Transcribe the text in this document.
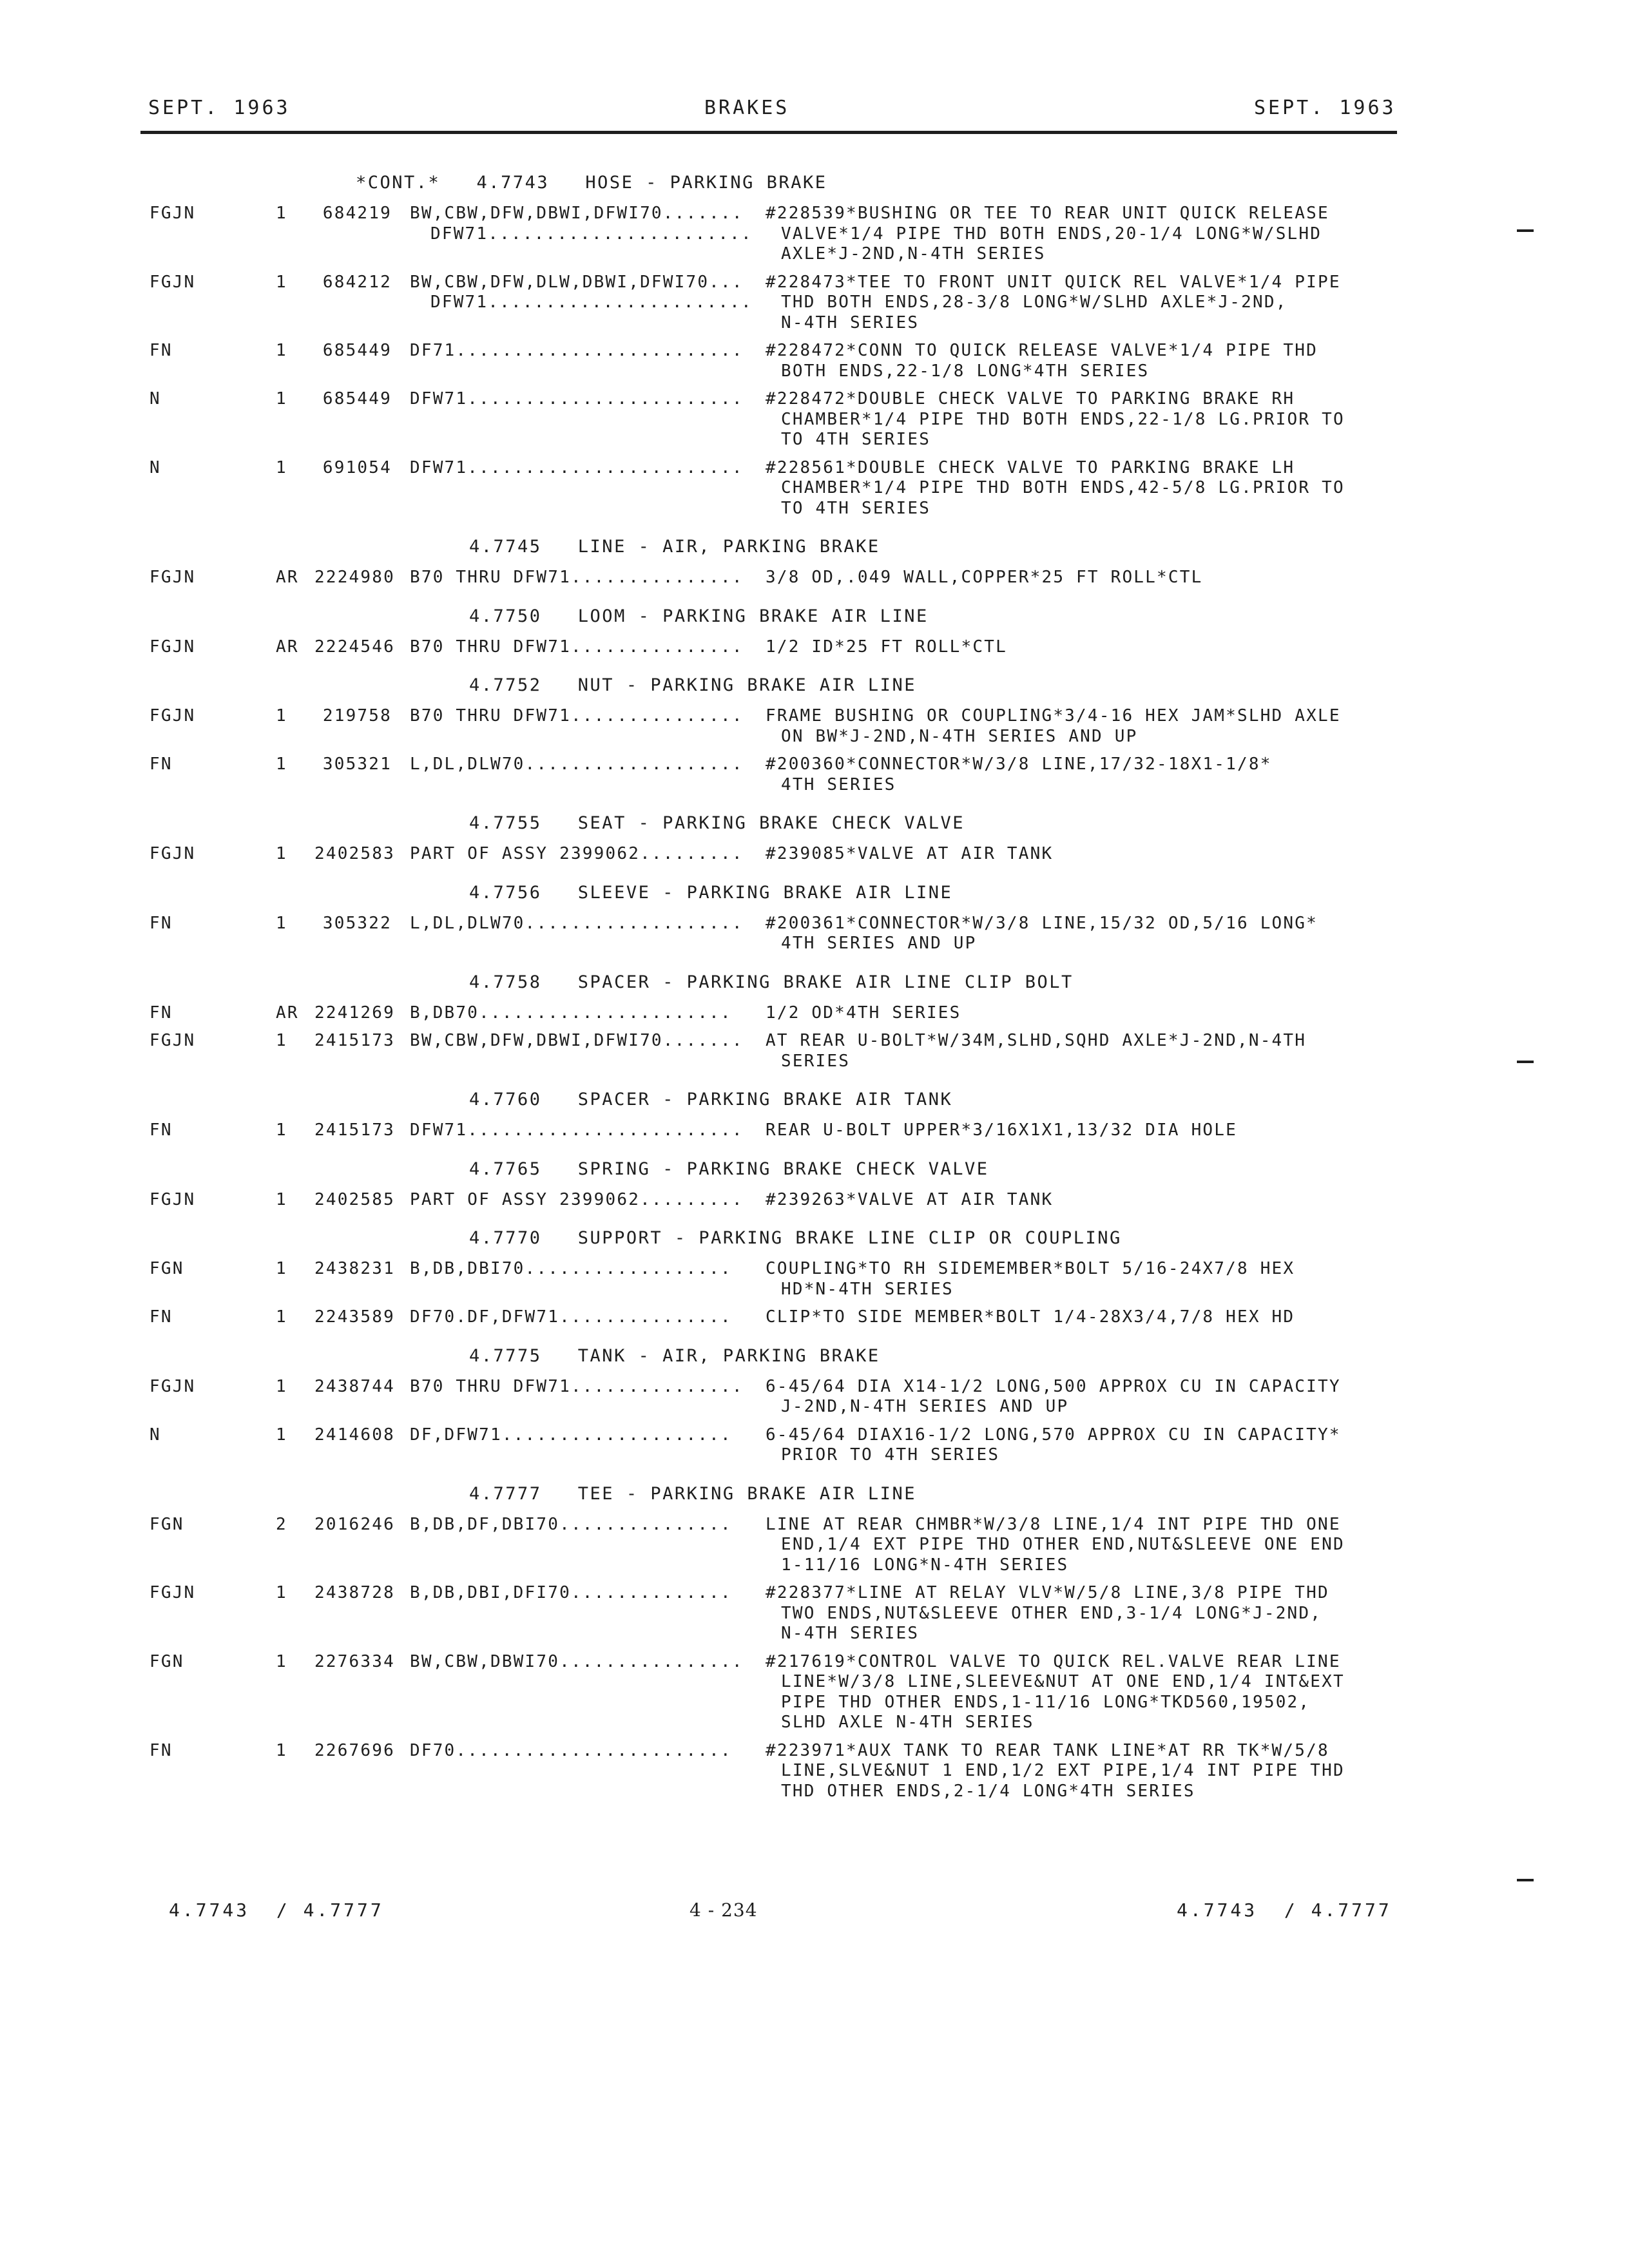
SEPT. 1963	BRAKES	SEPT. 1963
*CONT.*   4.7743   HOSE - PARKING BRAKE
FGJN	1	684219 BW,CBW,DFW,DBWI,DFWI70....... #228539*BUSHING OR TEE TO REAR UNIT QUICK RELEASE
DFW71....................... VALVE*1/4 PIPE THD BOTH ENDS,20-1/4 LONG*W/SLHD
AXLE*J-2ND,N-4TH SERIES
FGJN	1	684212 BW,CBW,DFW,DLW,DBWI,DFWI70... #228473*TEE TO FRONT UNIT QUICK REL VALVE*1/4 PIPE
DFW71....................... THD BOTH ENDS,28-3/8 LONG*W/SLHD AXLE*J-2ND,
N-4TH SERIES
FN	1	685449 DF71......................... #228472*CONN TO QUICK RELEASE VALVE*1/4 PIPE THD
BOTH ENDS,22-1/8 LONG*4TH SERIES
N	1	685449 DFW71........................ #228472*DOUBLE CHECK VALVE TO PARKING BRAKE RH
CHAMBER*1/4 PIPE THD BOTH ENDS,22-1/8 LG.PRIOR TO
TO 4TH SERIES
N	1	691054 DFW71........................ #228561*DOUBLE CHECK VALVE TO PARKING BRAKE LH
CHAMBER*1/4 PIPE THD BOTH ENDS,42-5/8 LG.PRIOR TO
TO 4TH SERIES
4.7745   LINE - AIR, PARKING BRAKE
FGJN	AR 2224980 B70 THRU DFW71............... 3/8 OD,.049 WALL,COPPER*25 FT ROLL*CTL
4.7750   LOOM - PARKING BRAKE AIR LINE
FGJN	AR 2224546 B70 THRU DFW71............... 1/2 ID*25 FT ROLL*CTL
4.7752   NUT - PARKING BRAKE AIR LINE
FGJN	1	219758 B70 THRU DFW71............... FRAME BUSHING OR COUPLING*3/4-16 HEX JAM*SLHD AXLE
ON BW*J-2ND,N-4TH SERIES AND UP
FN	1	305321 L,DL,DLW70................... #200360*CONNECTOR*W/3/8 LINE,17/32-18X1-1/8*
4TH SERIES
4.7755   SEAT - PARKING BRAKE CHECK VALVE
FGJN	1 2402583 PART OF ASSY 2399062......... #239085*VALVE AT AIR TANK
4.7756   SLEEVE - PARKING BRAKE AIR LINE
FN	1	305322 L,DL,DLW70................... #200361*CONNECTOR*W/3/8 LINE,15/32 OD,5/16 LONG*
4TH SERIES AND UP
4.7758   SPACER - PARKING BRAKE AIR LINE CLIP BOLT
FN	AR 2241269 B,DB70...................... 1/2 OD*4TH SERIES
FGJN	1 2415173 BW,CBW,DFW,DBWI,DFWI70....... AT REAR U-BOLT*W/34M,SLHD,SQHD AXLE*J-2ND,N-4TH
SERIES
4.7760   SPACER - PARKING BRAKE AIR TANK
FN	1 2415173 DFW71........................ REAR U-BOLT UPPER*3/16X1X1,13/32 DIA HOLE
4.7765   SPRING - PARKING BRAKE CHECK VALVE
FGJN	1 2402585 PART OF ASSY 2399062......... #239263*VALVE AT AIR TANK
4.7770   SUPPORT - PARKING BRAKE LINE CLIP OR COUPLING
FGN	1 2438231 B,DB,DBI70.................. COUPLING*TO RH SIDEMEMBER*BOLT 5/16-24X7/8 HEX
HD*N-4TH SERIES
FN	1 2243589 DF70.DF,DFW71............... CLIP*TO SIDE MEMBER*BOLT 1/4-28X3/4,7/8 HEX HD
4.7775   TANK - AIR, PARKING BRAKE
FGJN	1 2438744 B70 THRU DFW71............... 6-45/64 DIA X14-1/2 LONG,500 APPROX CU IN CAPACITY
J-2ND,N-4TH SERIES AND UP
N	1 2414608 DF,DFW71.................... 6-45/64 DIAX16-1/2 LONG,570 APPROX CU IN CAPACITY*
PRIOR TO 4TH SERIES
4.7777   TEE - PARKING BRAKE AIR LINE
FGN	2 2016246 B,DB,DF,DBI70............... LINE AT REAR CHMBR*W/3/8 LINE,1/4 INT PIPE THD ONE
END,1/4 EXT PIPE THD OTHER END,NUT&SLEEVE ONE END
1-11/16 LONG*N-4TH SERIES
FGJN	1 2438728 B,DB,DBI,DFI70.............. #228377*LINE AT RELAY VLV*W/5/8 LINE,3/8 PIPE THD
TWO ENDS,NUT&SLEEVE OTHER END,3-1/4 LONG*J-2ND,
N-4TH SERIES
FGN	1 2276334 BW,CBW,DBWI70................ #217619*CONTROL VALVE TO QUICK REL.VALVE REAR LINE
LINE*W/3/8 LINE,SLEEVE&NUT AT ONE END,1/4 INT&EXT
PIPE THD OTHER ENDS,1-11/16 LONG*TKD560,19502,
SLHD AXLE N-4TH SERIES
FN	1 2267696 DF70........................ #223971*AUX TANK TO REAR TANK LINE*AT RR TK*W/5/8
LINE,SLVE&NUT 1 END,1/2 EXT PIPE,1/4 INT PIPE THD
THD OTHER ENDS,2-1/4 LONG*4TH SERIES
4.7743  / 4.7777	4 - 234	4.7743  / 4.7777
